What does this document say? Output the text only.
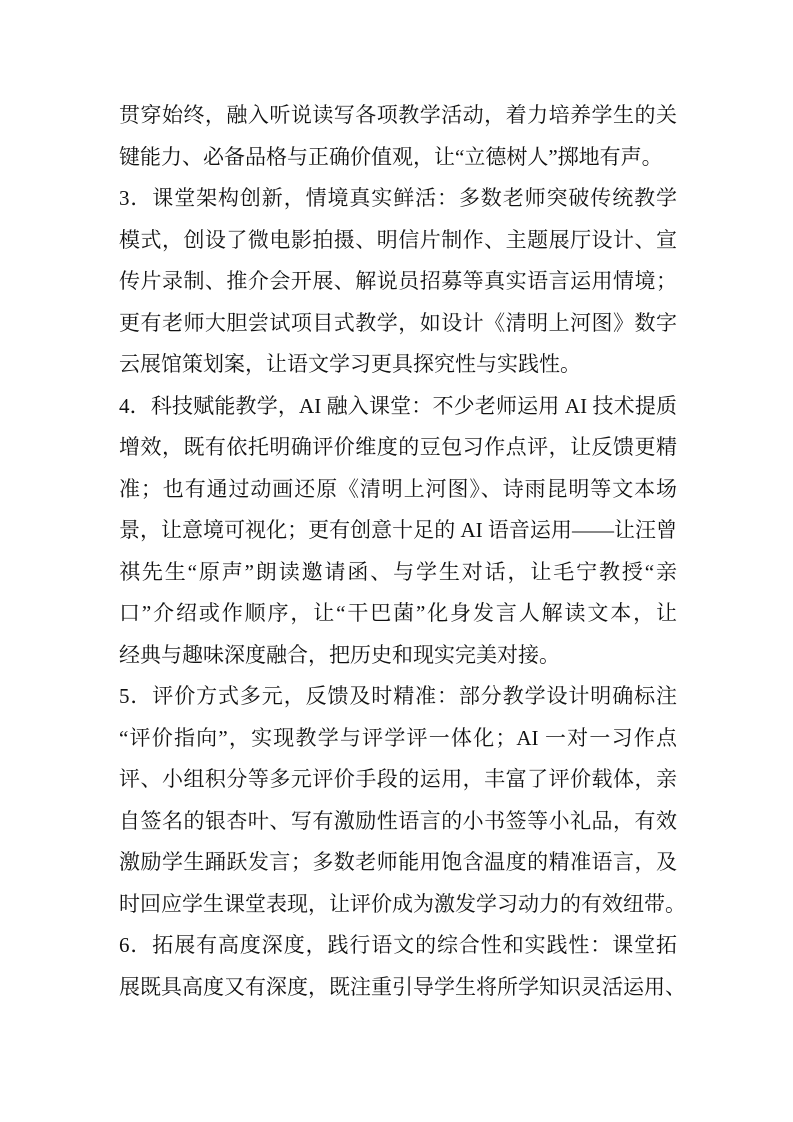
贯穿始终，融入听说读写各项教学活动，着力培养学生的关
键能力、必备品格与正确价值观，让“立德树人”掷地有声。
3．课堂架构创新，情境真实鲜活：多数老师突破传统教学
模式，创设了微电影拍摄、明信片制作、主题展厅设计、宣
传片录制、推介会开展、解说员招募等真实语言运用情境；
更有老师大胆尝试项目式教学，如设计《清明上河图》数字
云展馆策划案，让语文学习更具探究性与实践性。
4．科技赋能教学，AI 融入课堂：不少老师运用 AI 技术提质
增效，既有依托明确评价维度的豆包习作点评，让反馈更精
准；也有通过动画还原《清明上河图》、诗雨昆明等文本场
景，让意境可视化；更有创意十足的 AI 语音运用——让汪曾
祺先生“原声”朗读邀请函、与学生对话，让毛宁教授“亲
口”介绍或作顺序，让“干巴菌”化身发言人解读文本，让
经典与趣味深度融合，把历史和现实完美对接。
5．评价方式多元，反馈及时精准：部分教学设计明确标注
“评价指向”，实现教学与评学评一体化；AI 一对一习作点
评、小组积分等多元评价手段的运用，丰富了评价载体，亲
自签名的银杏叶、写有激励性语言的小书签等小礼品，有效
激励学生踊跃发言；多数老师能用饱含温度的精准语言，及
时回应学生课堂表现，让评价成为激发学习动力的有效纽带。
6．拓展有高度深度，践行语文的综合性和实践性：课堂拓
展既具高度又有深度，既注重引导学生将所学知识灵活运用、
